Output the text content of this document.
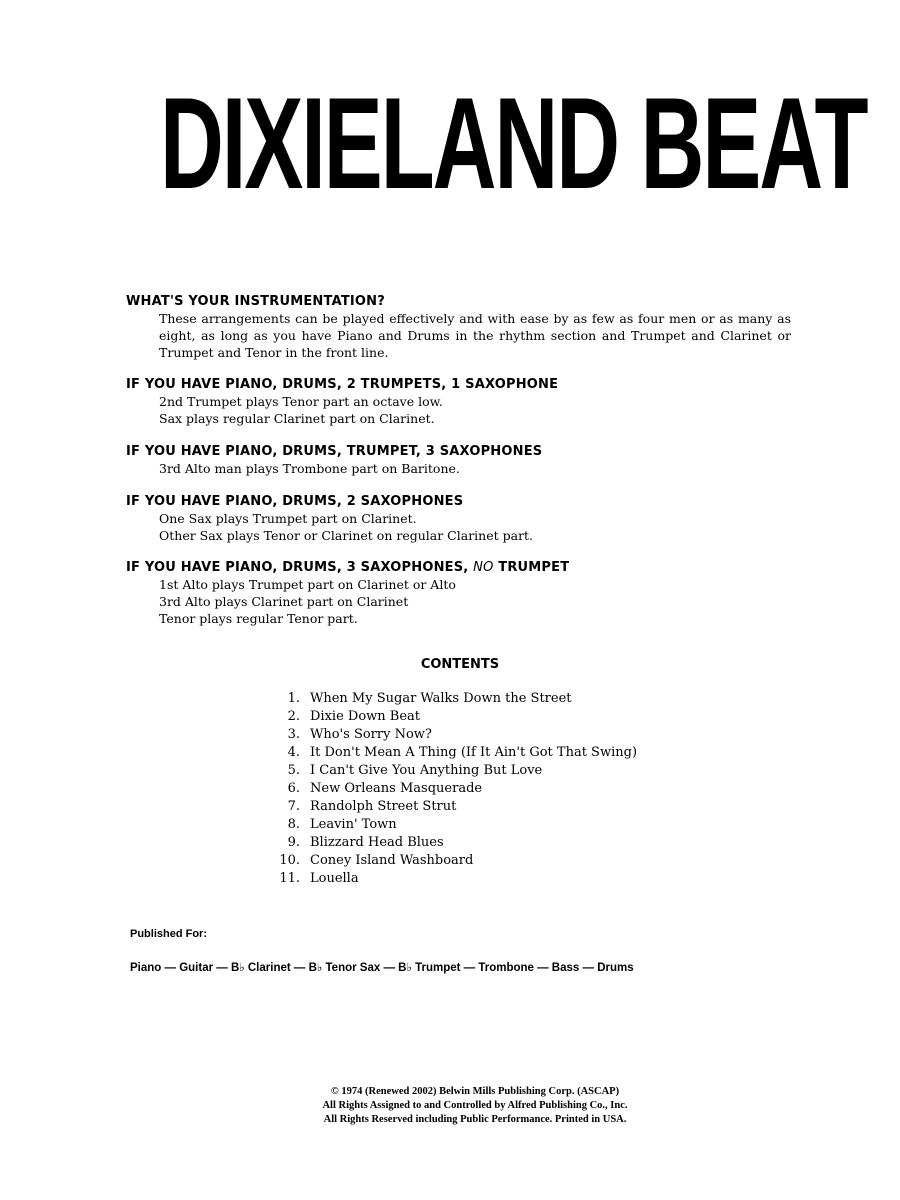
DIXIELAND BEAT
WHAT'S YOUR INSTRUMENTATION?
These arrangements can be played effectively and with ease by as few as four men or as many as eight, as long as you have Piano and Drums in the rhythm section and Trumpet and Clarinet or Trumpet and Tenor in the front line.
IF YOU HAVE PIANO, DRUMS, 2 TRUMPETS, 1 SAXOPHONE
2nd Trumpet plays Tenor part an octave low.
Sax plays regular Clarinet part on Clarinet.
IF YOU HAVE PIANO, DRUMS, TRUMPET, 3 SAXOPHONES
3rd Alto man plays Trombone part on Baritone.
IF YOU HAVE PIANO, DRUMS, 2 SAXOPHONES
One Sax plays Trumpet part on Clarinet.
Other Sax plays Tenor or Clarinet on regular Clarinet part.
IF YOU HAVE PIANO, DRUMS, 3 SAXOPHONES, NO TRUMPET
1st Alto plays Trumpet part on Clarinet or Alto
3rd Alto plays Clarinet part on Clarinet
Tenor plays regular Tenor part.
CONTENTS
1. When My Sugar Walks Down the Street
2. Dixie Down Beat
3. Who's Sorry Now?
4. It Don't Mean A Thing (If It Ain't Got That Swing)
5. I Can't Give You Anything But Love
6. New Orleans Masquerade
7. Randolph Street Strut
8. Leavin' Town
9. Blizzard Head Blues
10. Coney Island Washboard
11. Louella
Published For:
Piano — Guitar — B♭ Clarinet — B♭ Tenor Sax — B♭ Trumpet — Trombone — Bass — Drums
© 1974 (Renewed 2002) Belwin Mills Publishing Corp. (ASCAP)
All Rights Assigned to and Controlled by Alfred Publishing Co., Inc.
All Rights Reserved including Public Performance. Printed in USA.
